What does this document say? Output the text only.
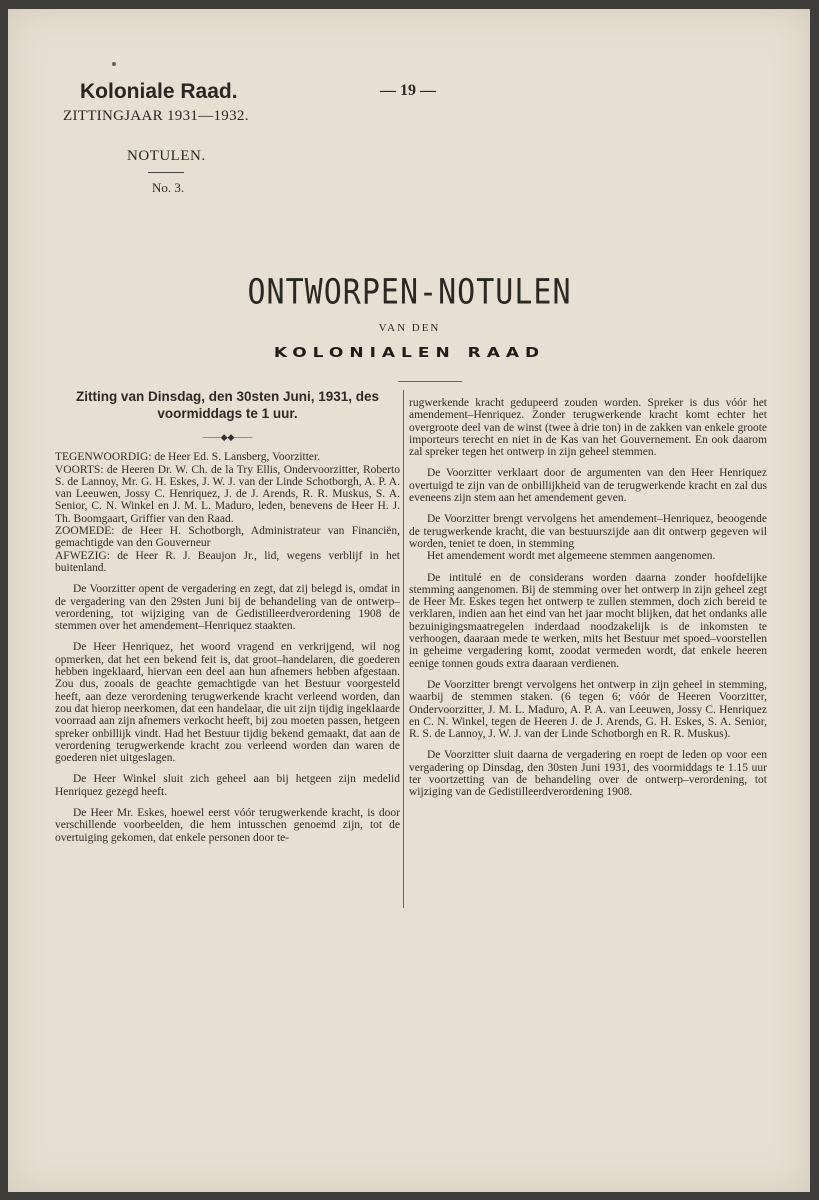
Koloniale Raad.
ZITTINGJAAR 1931—1932.
— 19 —
NOTULEN.
No. 3.
ONTWORPEN-NOTULEN
VAN DEN
KOLONIALEN RAAD

Zitting van Dinsdag, den 30sten Juni, 1931, des voormiddags te 1 uur.

——◆◆——

TEGENWOORDIG: de Heer Ed. S. Lansberg, Voorzitter.

VOORTS: de Heeren Dr. W. Ch. de la Try Ellis, Ondervoorzitter, Roberto S. de Lannoy, Mr. G. H. Eskes, J. W. J. van der Linde Schotborgh, A. P. A. van Leeuwen, Jossy C. Henriquez, J. de J. Arends, R. R. Muskus, S. A. Senior, C. N. Winkel en J. M. L. Maduro, leden, benevens de Heer H. J. Th. Boomgaart, Griffier van den Raad.

ZOOMEDE: de Heer H. Schotborgh, Administrateur van Financiën, gemachtigde van den Gouverneur

AFWEZIG: de Heer R. J. Beaujon Jr., lid, wegens verblijf in het buitenland.

De Voorzitter opent de vergadering en zegt, dat zij belegd is, omdat in de vergadering van den 29sten Juni bij de behandeling van de ontwerp–verordening, tot wijziging van de Gedistilleerdverordening 1908 de stemmen over het amendement–Henriquez staakten.

De Heer Henriquez, het woord vragend en verkrijgend, wil nog opmerken, dat het een bekend feit is, dat groot–handelaren, die goederen hebben ingeklaard, hiervan een deel aan hun afnemers hebben afgestaan. Zou dus, zooals de geachte gemachtigde van het Bestuur voorgesteld heeft, aan deze verordening terugwerkende kracht verleend worden, dan zou dat hierop neerkomen, dat een handelaar, die uit zijn tijdig ingeklaarde voorraad aan zijn afnemers verkocht heeft, bij zou moeten passen, hetgeen spreker onbillijk vindt. Had het Bestuur tijdig bekend gemaakt, dat aan de verordening terugwerkende kracht zou verleend worden dan waren de goederen niet uitgeslagen.

De Heer Winkel sluit zich geheel aan bij hetgeen zijn medelid Henriquez gezegd heeft.

De Heer Mr. Eskes, hoewel eerst vóór terugwerkende kracht, is door verschillende voorbeelden, die hem intusschen genoemd zijn, tot de overtuiging gekomen, dat enkele personen door te-

rugwerkende kracht gedupeerd zouden worden. Spreker is dus vóór het amendement–Henriquez. Zonder terugwerkende kracht komt echter het overgroote deel van de winst (twee à drie ton) in de zakken van enkele groote importeurs terecht en niet in de Kas van het Gouvernement. En ook daarom zal spreker tegen het ontwerp in zijn geheel stemmen.

De Voorzitter verklaart door de argumenten van den Heer Henriquez overtuigd te zijn van de onbillijkheid van de terugwerkende kracht en zal dus eveneens zijn stem aan het amendement geven.

De Voorzitter brengt vervolgens het amendement–Henriquez, beoogende de terugwerkende kracht, die van bestuurszijde aan dit ontwerp gegeven wil worden, teniet te doen, in stemming

Het amendement wordt met algemeene stemmen aangenomen.

De intitulé en de considerans worden daarna zonder hoofdelijke stemming aangenomen. Bij de stemming over het ontwerp in zijn geheel zegt de Heer Mr. Eskes tegen het ontwerp te zullen stemmen, doch zich bereid te verklaren, indien aan het eind van het jaar mocht blijken, dat het ondanks alle bezuinigingsmaatregelen inderdaad noodzakelijk is de inkomsten te verhoogen, daaraan mede te werken, mits het Bestuur met spoed–voorstellen in geheime vergadering komt, zoodat vermeden wordt, dat enkele heeren eenige tonnen gouds extra daaraan verdienen.

De Voorzitter brengt vervolgens het ontwerp in zijn geheel in stemming, waarbij de stemmen staken. (6 tegen 6; vóór de Heeren Voorzitter, Ondervoorzitter, J. M. L. Maduro, A. P. A. van Leeuwen, Jossy C. Henriquez en C. N. Winkel, tegen de Heeren J. de J. Arends, G. H. Eskes, S. A. Senior, R. S. de Lannoy, J. W. J. van der Linde Schotborgh en R. R. Muskus).

De Voorzitter sluit daarna de vergadering en roept de leden op voor een vergadering op Dinsdag, den 30sten Juni 1931, des voormiddags te 1.15 uur ter voortzetting van de behandeling over de ontwerp–verordening, tot wijziging van de Gedistilleerdverordening 1908.
